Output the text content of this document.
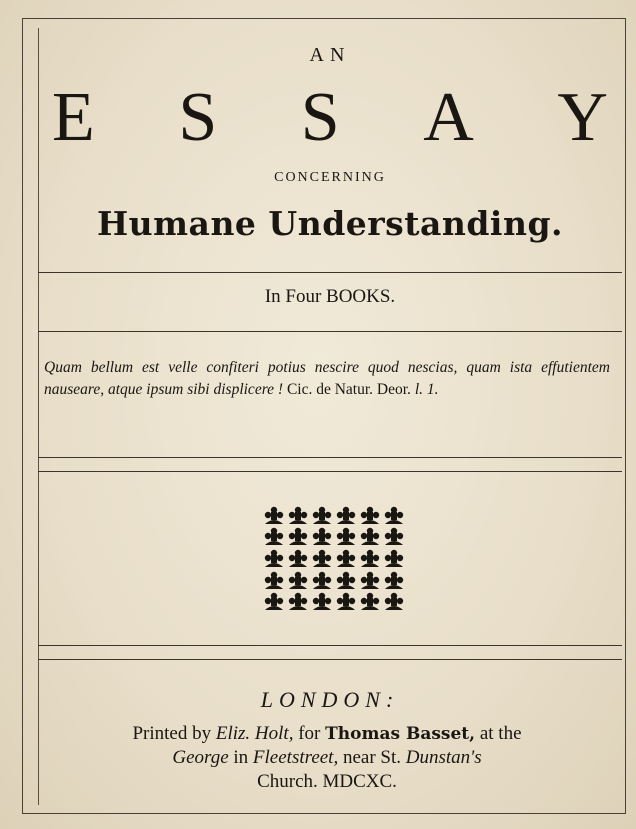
AN
E S S A Y
CONCERNING
Humane Understanding.
In Four BOOKS.
Quam bellum est velle confiteri potius nescire quod nescias, quam ista effutientem nauseare, atque ipsum sibi displicere ! Cic. de Natur. Deor. l. 1.
LONDON:
Printed by Eliz. Holt, for Thomas Basset, at the
George in Fleetstreet, near St. Dunstan's
Church. MDCXC.
